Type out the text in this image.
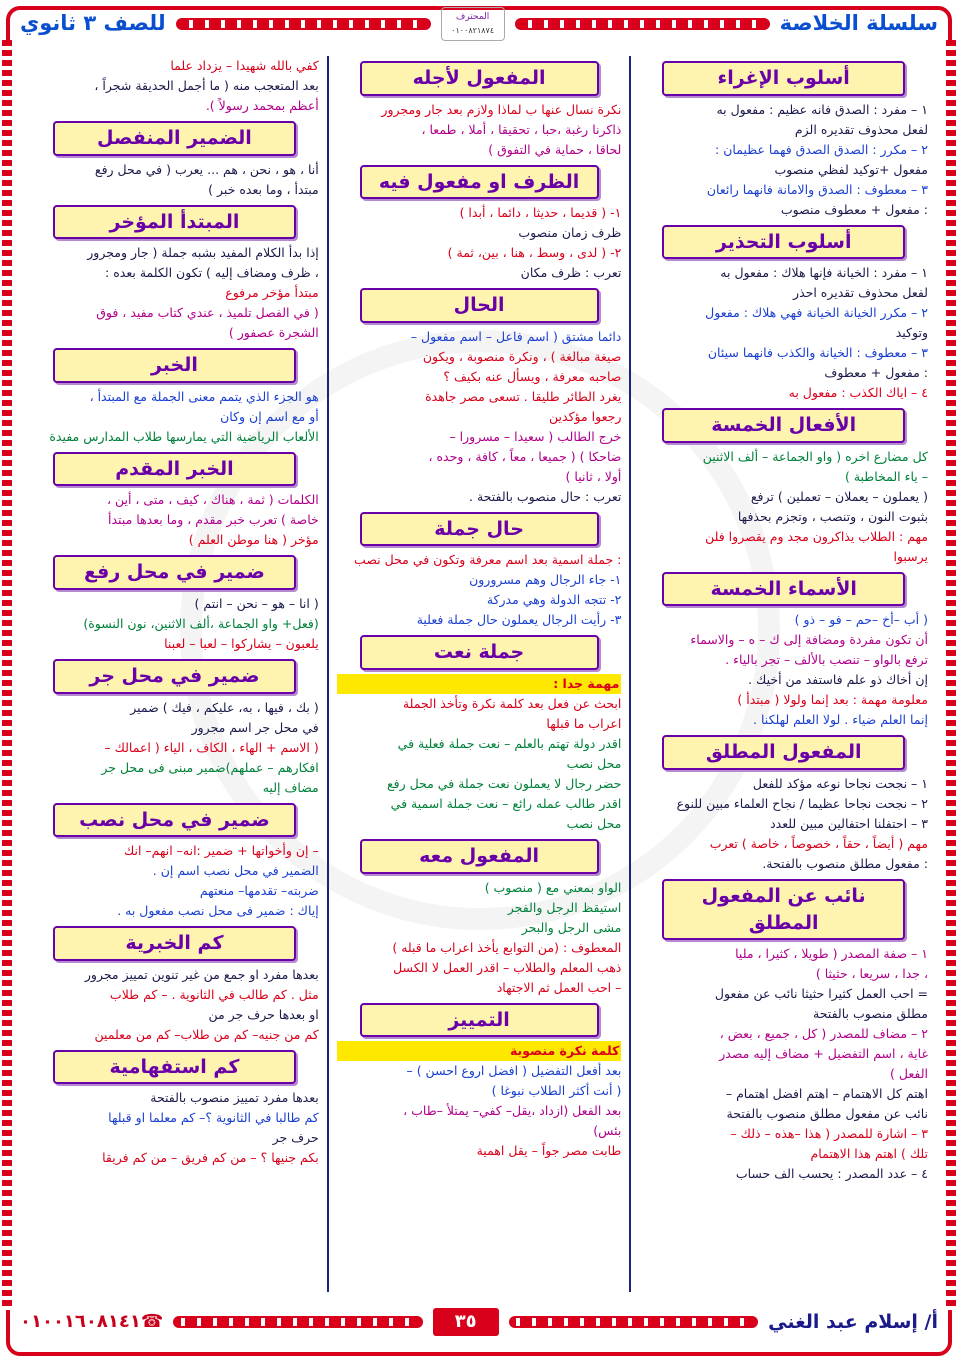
سلسلة الخلاصة
المحترف
٠١٠٠٨٢١٨٧٤
للصف ٣ ثانوي
أسلوب الإغراء
١ – مفرد : الصدق فانه عظيم : مفعول به
لفعل محذوف تقديره الزم
٢ – مكرر : الصدق الصدق فهما عظيمان :
مفعول +توكيد لفظي منصوب
٣ – معطوف : الصدق والامانة فانهما رائعان
: مفعول + معطوف منصوب
أسلوب التحذير
١ – مفرد : الخيانة فإنها هلاك : مفعول به
لفعل محذوف تقديره احذر
٢ – مكرر الخيانة الخيانة فهي هلاك : مفعول
وتوكيد
٣ – معطوف : الخيانة والكذب فانهما سيئان
: مفعول + معطوف
٤ – اياك الكذب : مفعول به
الأفعال الخمسة
كل مضارع اخره ( واو الجماعة – ألف الاثنين
– ياء المخاطبة )
( يعملون – يعملان – تعملين ) ترفع
بثبوت النون ، وتنصب ، وتجزم بحذفها
مهم : الطلاب يذاكرون مجد وم يقصروا فلن
يرسبوا
الأسماء الخمسة
( أب –أخ –حم – فو – ذو )
أن تكون مفردة ومضافة إلى ك – ه – والاسماء
ترفع بالواو – تنصب بالألف – تجر بالياء .
إن أخاك ذو علم فاستفد من أخيك .
معلومة مهمة : بعد إنما ولولا ( مبتدأ )
إنما العلم ضياء . لولا العلم لهلكنا .
المفعول المطلق
١ – نجحت نجاحا نوعه مؤكد للفعل
٢ – نجحت نجاحا عظيما / نجاح العلماء مبين للنوع
٣ – احتفلنا احتفالين مبين للعدد
مهم ( أيضاً ، حقاً ، خصوصاً ، خاصة ) تعرب
: مفعول مطلق منصوب بالفتحة.
نائب عن المفعول المطلق
١ – صفة المصدر ( طويلا ، كثيرا ، مليا
، جدا ، سريعا ، حثيثا )
= احب العمل كثيرا حثيثا نائب عن مفعول
مطلق منصوب بالفتحة
٢ – مضاف للمصدر ( كل ، جميع ، بعض ،
غاية ، اسم التفضيل + مضاف إليه مصدر
الفعل )
اهتم كل الاهتمام – اهتم افضل اهتمام –
نائب عن مفعول مطلق منصوب بالفتحة
٣ – اشارة للمصدر ( هذا –هذه – ذلك –
تلك ) اهتم هذا الاهتمام
٤ – عدد المصدر : يحسب الف حساب
المفعول لأجله
نكرة نسال عنها ب لماذا ولازم بعد جار ومجرور
ذاكرنا رغبة ،حبا ، تحقيقا ، أملا ، طمعا ،
لحاقا ، حماية في التفوق )
الظرف او مفعول فيه
١- ( قديما ، حديثا ، دائما ، أبدا )
ظرف زمان منصوب
٢- ( لدى ، وسط ، هنا ، بين، ثمة )
تعرب : ظرف مكان
الحال
دائما مشتق ( اسم فاعل – اسم مفعول –
صيغة مبالغة ) ، ونكرة منصوبة ، ويكون
صاحبه معرفة ، ويسأل عنه بكيف ؟
يغرد الطائر طليقا . تسعى مصر جاهدة
رجعوا مؤكدين
خرج الطالب ( سعيدا – مسرورا –
ضاحكا ) ( جميعا ، معاً ، كافة ، وحده ،
أولا ، ثانيا )
تعرب : حال منصوب بالفتحة .
حال جملة
: جملة اسمية بعد اسم معرفة وتكون في محل نصب
١- جاء الرجال وهم مسرورون
٢- تتجه الدولة وهي مدركة
٣- رأيت الرجال يعملون حال جملة فعلية
جملة نعت
مهمة جدا :
ابحث عن فعل بعد كلمة نكرة وتأخذ الجملة
اعراب ما قبلها
اقدر دولة تهتم بالعلم – نعت جملة فعلية في
محل نصب
حضر رجال لا يعملون نعت جملة في محل رفع
اقدر طالب عمله رائع – نعت جملة اسمية في
محل نصب
المفعول معه
الواو بمعني مع ( منصوب )
استيقظ الرجل والفجر
مشى الرجل والبحر
المعطوف : (من التوابع يأخذ اعراب ما قبله )
ذهب المعلم والطلاب – اقدر العمل لا الكسل
– احب العمل ثم الاجتهاد
التمييز
كلمة نكرة منصوبة
بعد أفعل التفضيل ( افضل اروع احسن ) –
( أنت أكثر الطلاب نبوغا )
بعد الفعل (ازداد ،يقل– كفي– يمتلأ –طاب ،
بئس)
طابت مصر جواً – يقل اهمية
كفي بالله شهيدا – يزداد علما
بعد المتعجب منه ( ما أجمل الحديقة شجراً ،
أعظم بمحمد رسولاً ).
الضمير المنفصل
أنا ، هو ، نحن ، هم ... يعرب ( في محل رفع
مبتدأ ، وما بعده خبر )
المبتدأ المؤخر
إذا بدأ الكلام المفيد بشبه جملة ( جار ومجرور
، ظرف ومضاف إليه ) تكون الكلمة بعده :
مبتدأ مؤخر مرفوع
( في الفصل تلميذ ، عندي كتاب مفيد ، فوق
الشجرة عصفور )
الخبر
هو الجزء الذي يتمم معنى الجملة مع المبتدأ ،
أو مع اسم إن وكان
الألعاب الرياضية التي يمارسها طلاب المدارس مفيدة
الخبر المقدم
الكلمات ( ثمة ، هناك ، كيف ، متى ، أين ،
خاصة ) تعرب خبر مقدم ، وما بعدها مبتدأ
مؤخر ( هنا موطن العلم )
ضمير في محل رفع
( انا – هو – نحن – انتم )
(فعل+ واو الجماعة ،ألف الاثنين، نون النسوة)
يلعبون – يشاركوا – لعبا – لعبنا
ضمير في محل جر
( بك ، فيها ، به، عليكم ، فيك ) ضمير
في محل جر اسم مجرور
( الاسم + الهاء ، الكاف ، الياء ( اعمالك –
افكارهم – عملهم)ضمير مبنى فى محل جر
مضاف إليه
ضمير في محل نصب
– إن وأخواتها + ضمير :انه– انهم– انك
الضمير في محل نصب اسم إن .
ضربته– تقدمها– منعتهم
إياك : ضمير فى محل نصب مفعول به .
كم الخبرية
بعدها مفرد او جمع من غير تنوين تمييز مجرور
مثل . كم طالب في الثانوية . – كم طلاب
او بعدها حرف جر من
كم من جنيه– كم من طلاب– كم من معلمين
كم استفهامية
بعدها مفرد تمييز منصوب بالفتحة
كم طالبا في الثانوية ؟– كم معلما او قبلها
حرف جر
بكم جنيها ؟ – من كم فريق – من كم فريقا
أ/ إسلام عبد الغني
٣٥
☎٠١٠٠١٦٠٨١٤١
